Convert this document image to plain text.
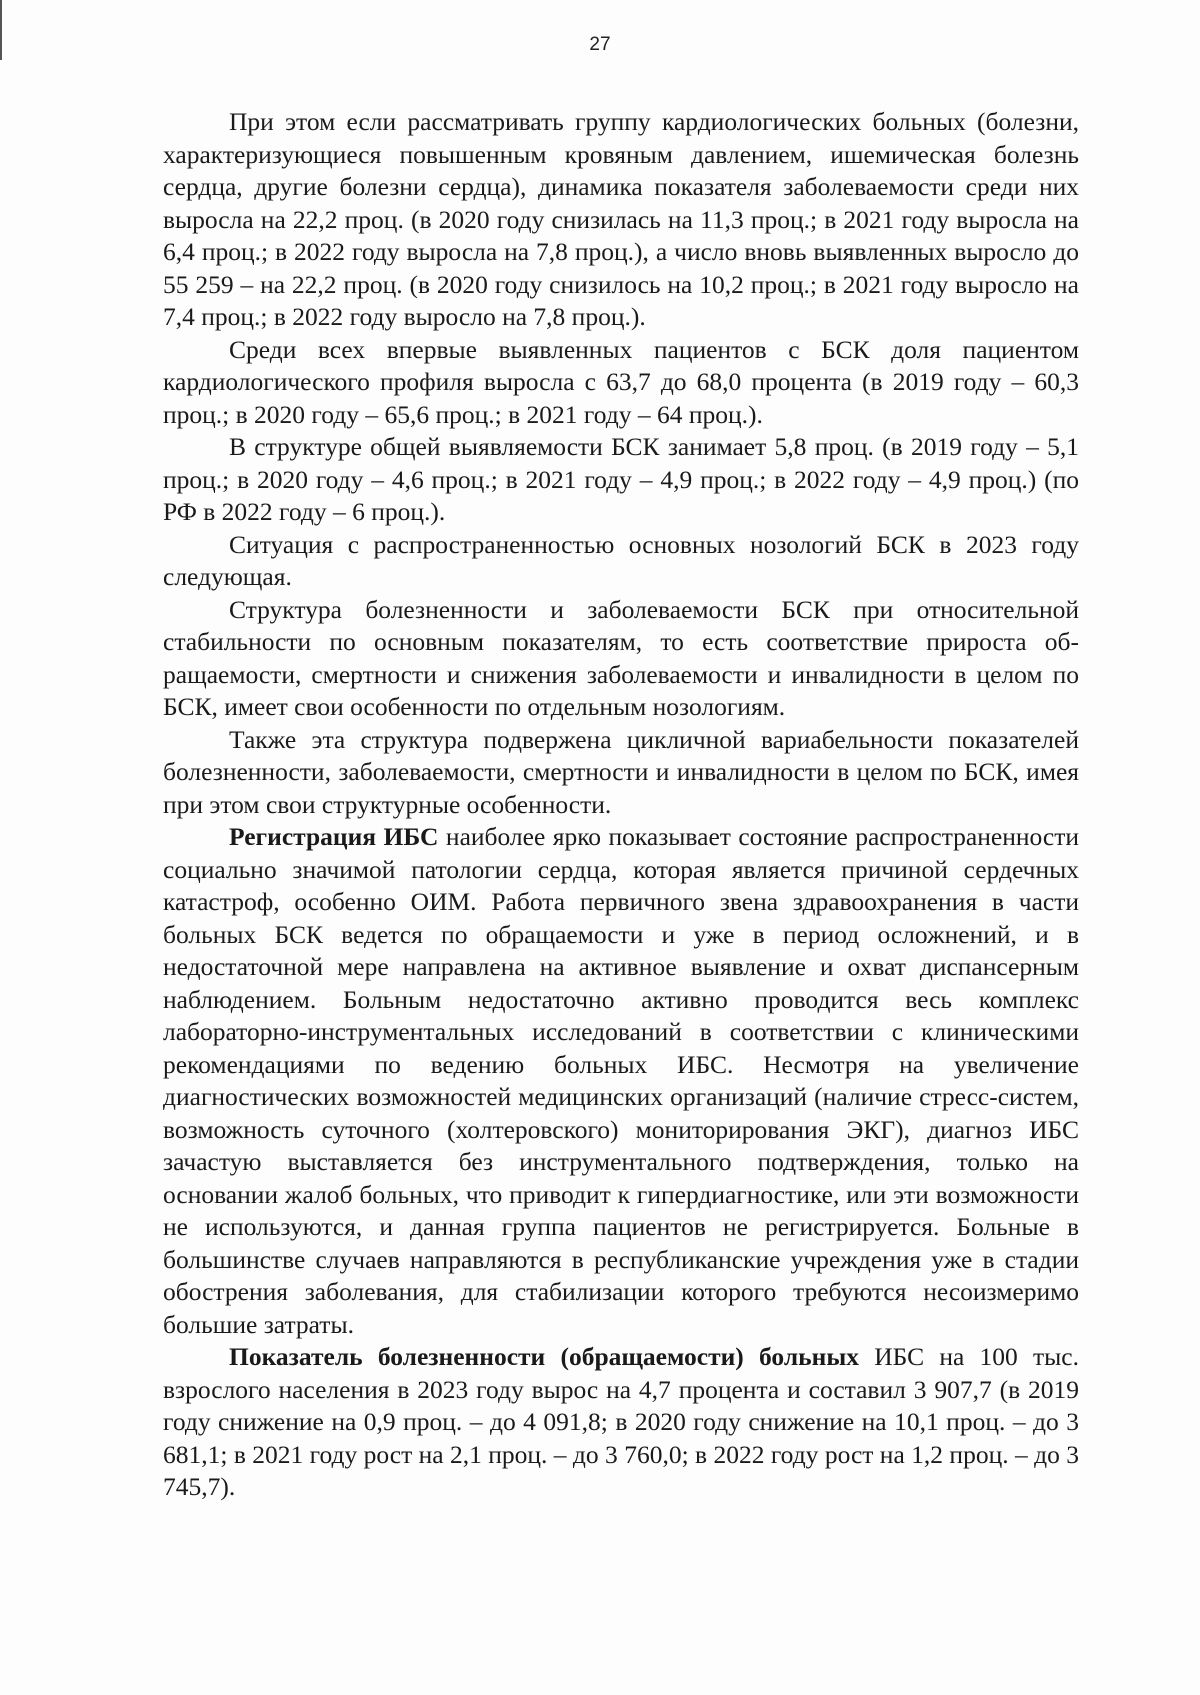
27

При этом если рассматривать группу кардиологических больных (болезни, характеризующиеся повышенным кровяным давлением, ишемическая болезнь сердца, другие болезни сердца), динамика показателя заболеваемости среди них выросла на 22,2 проц. (в 2020 году снизилась на 11,3 проц.; в 2021 году выросла на 6,4 проц.; в 2022 году выросла на 7,8 проц.), а число вновь выявленных выросло до 55 259 – на 22,2 проц. (в 2020 году снизилось на 10,2 проц.; в 2021 году выросло на 7,4 проц.; в 2022 году выросло на 7,8 проц.).

Среди всех впервые выявленных пациентов с БСК доля пациентом кардиологического профиля выросла с 63,7 до 68,0 процента (в 2019 году – 60,3 проц.; в 2020 году – 65,6 проц.; в 2021 году – 64 проц.).

В структуре общей выявляемости БСК занимает 5,8 проц. (в 2019 году – 5,1 проц.; в 2020 году – 4,6 проц.; в 2021 году – 4,9 проц.; в 2022 году – 4,9 проц.) (по РФ в 2022 году – 6 проц.).

Ситуация с распространенностью основных нозологий БСК в 2023 году следующая.

Структура болезненности и заболеваемости БСК при относительной стабильности по основным показателям, то есть соответствие прироста обращаемости, смертности и снижения заболеваемости и инвалидности в целом по БСК, имеет свои особенности по отдельным нозологиям.

Также эта структура подвержена цикличной вариабельности показателей болезненности, заболеваемости, смертности и инвалидности в целом по БСК, имея при этом свои структурные особенности.

Регистрация ИБС наиболее ярко показывает состояние распространенности социально значимой патологии сердца, которая является причиной сердечных катастроф, особенно ОИМ. Работа первичного звена здравоохранения в части больных БСК ведется по обращаемости и уже в период осложнений, и в недостаточной мере направлена на активное выявление и охват диспансерным наблюдением. Больным недостаточно активно проводится весь комплекс лабораторно-инструментальных исследований в соответствии с клиническими рекомендациями по ведению больных ИБС. Несмотря на увеличение диагностических возможностей медицинских организаций (наличие стресс-систем, возможность суточного (холтеровского) мониторирования ЭКГ), диагноз ИБС зачастую выставляется без инструментального подтверждения, только на основании жалоб больных, что приводит к гипердиагностике, или эти возможности не используются, и данная группа пациентов не регистрируется. Больные в большинстве случаев направляются в республиканские учреждения уже в стадии обострения заболевания, для стабилизации которого требуются несоизмеримо большие затраты.

Показатель болезненности (обращаемости) больных ИБС на 100 тыс. взрослого населения в 2023 году вырос на 4,7 процента и составил 3 907,7 (в 2019 году снижение на 0,9 проц. – до 4 091,8; в 2020 году снижение на 10,1 проц. – до 3 681,1; в 2021 году рост на 2,1 проц. – до 3 760,0; в 2022 году рост на 1,2 проц. – до 3 745,7).
